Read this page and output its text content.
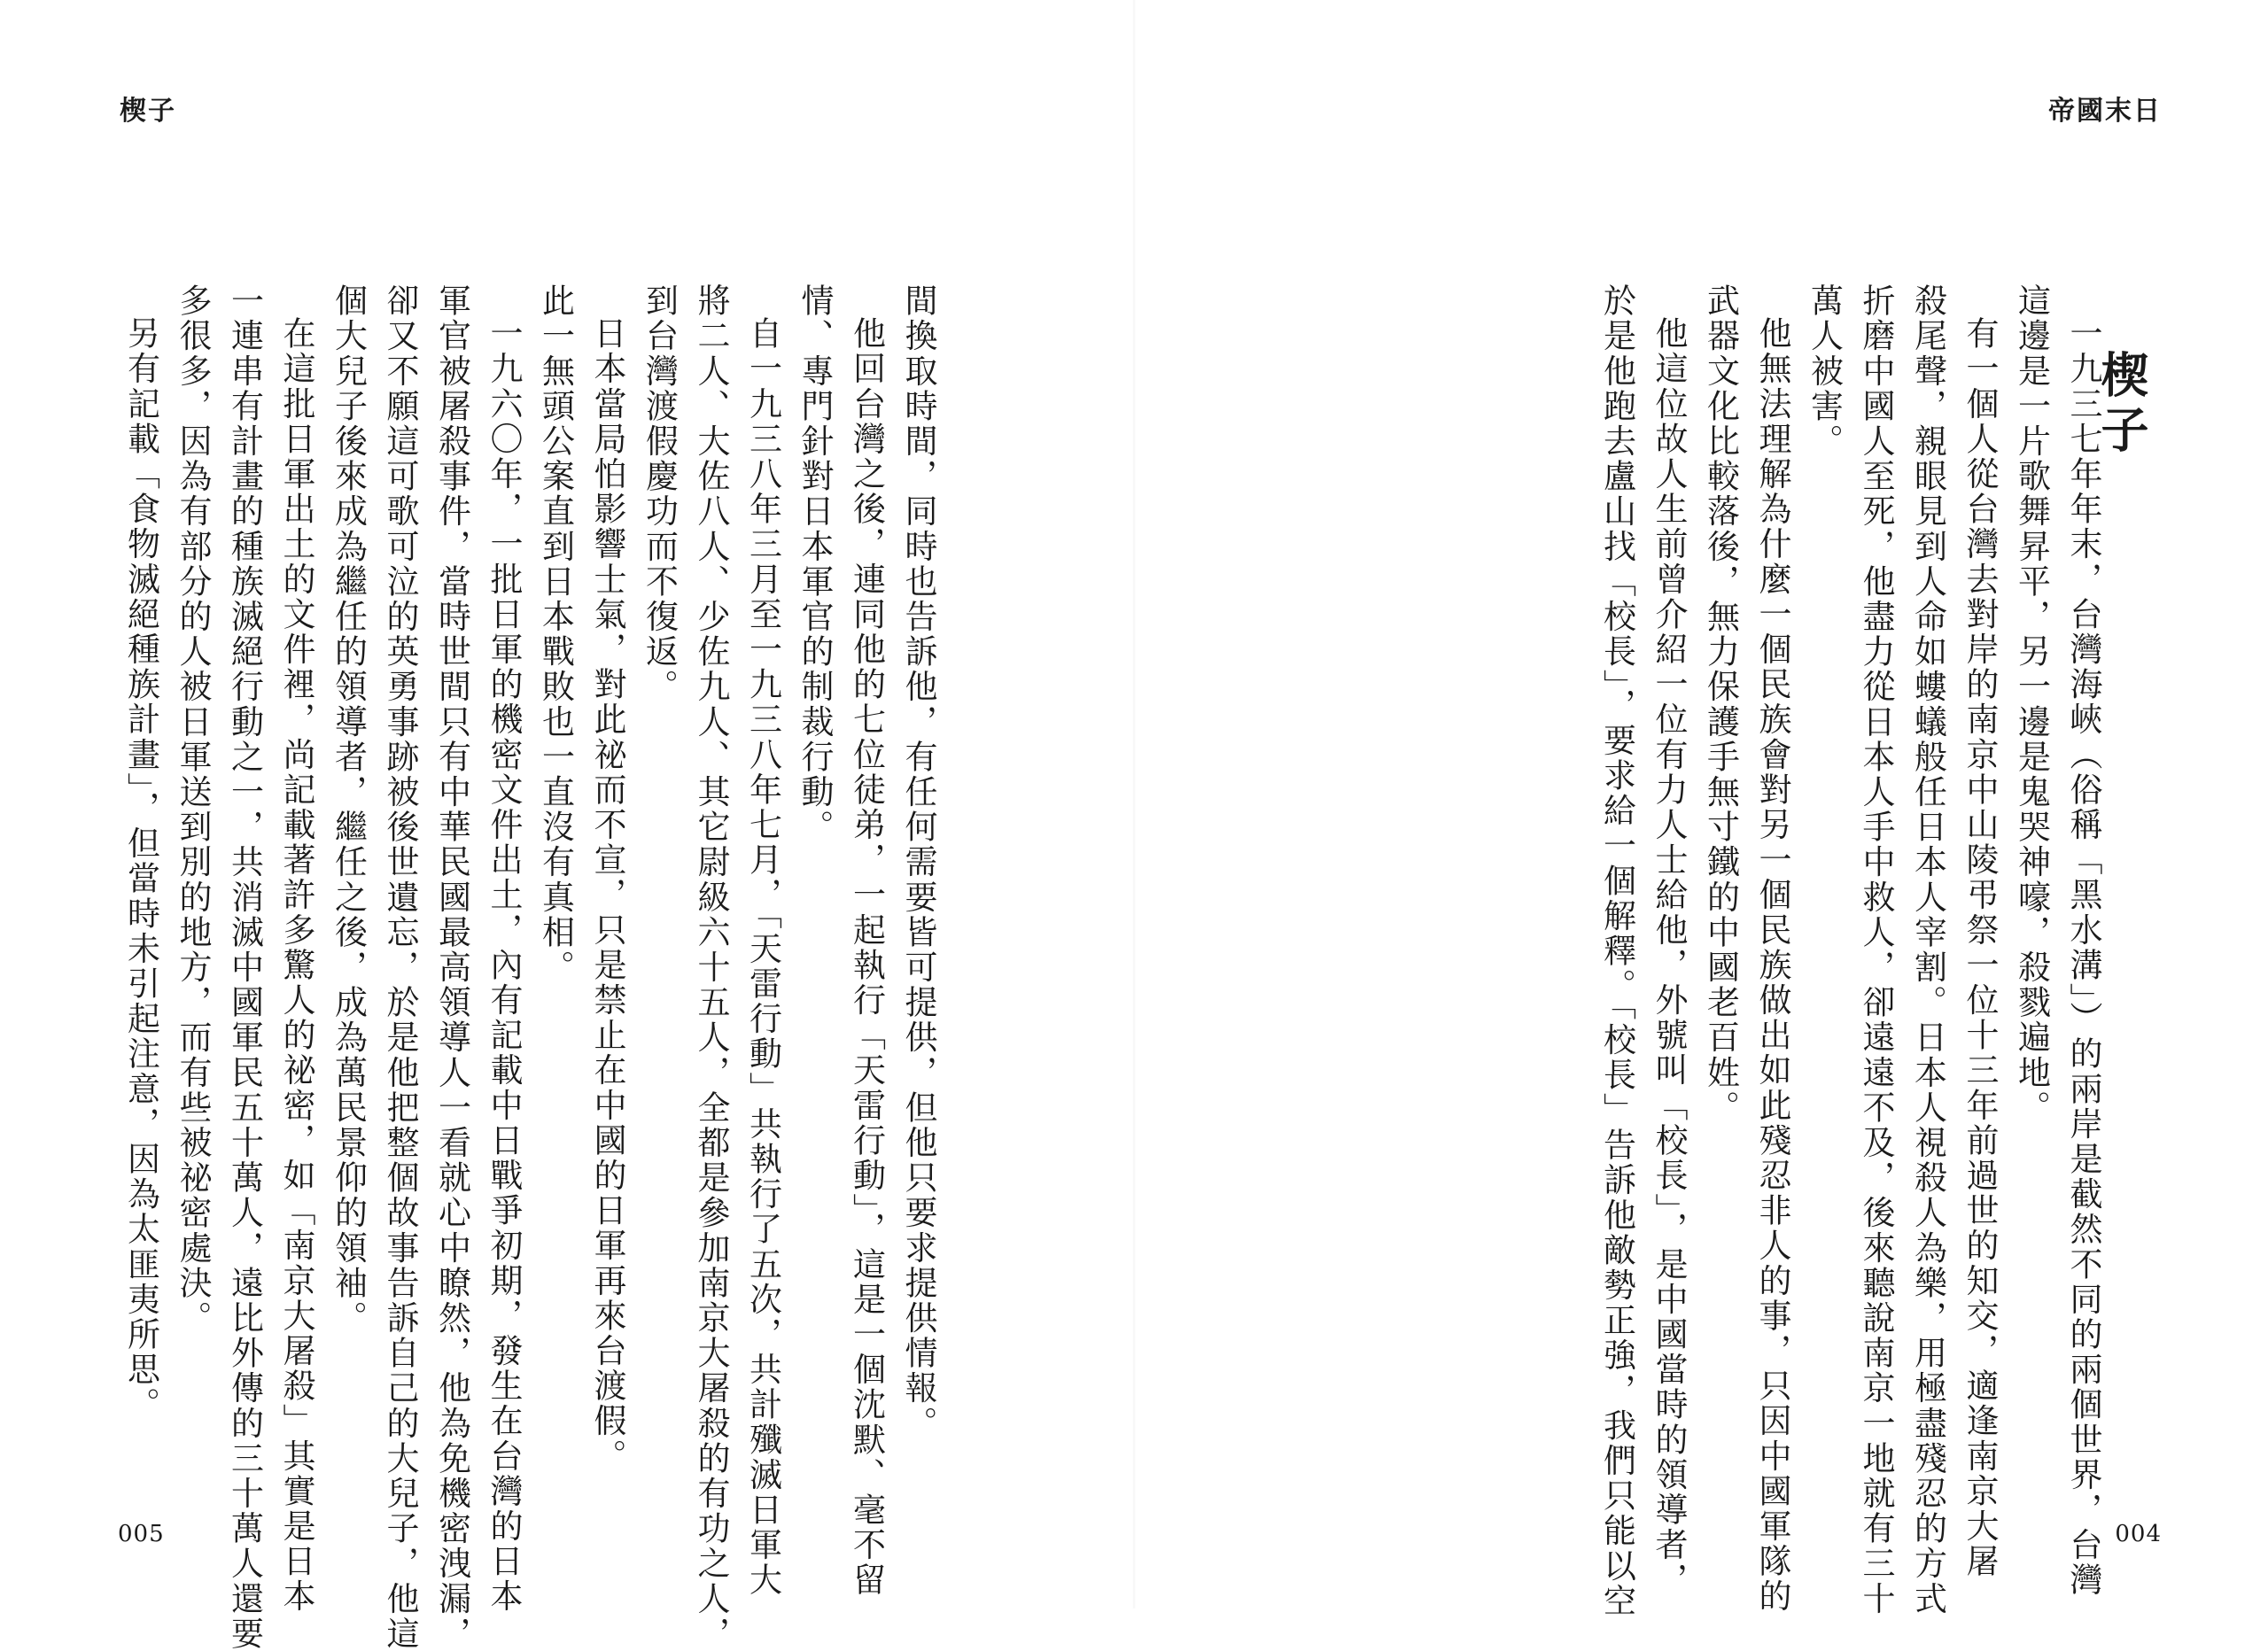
楔子
間換取時間，同時也告訴他，有任何需要皆可提供，但他只要求提供情報。
他回台灣之後，連同他的七位徒弟，一起執行「天雷行動」，這是一個沈默、毫不留
情、專門針對日本軍官的制裁行動。
自一九三八年三月至一九三八年七月，「天雷行動」共執行了五次，共計殲滅日軍大
將二人、大佐八人、少佐九人、其它尉級六十五人，全都是參加南京大屠殺的有功之人，
到台灣渡假慶功而不復返。
日本當局怕影響士氣，對此祕而不宣，只是禁止在中國的日軍再來台渡假。
此一無頭公案直到日本戰敗也一直沒有真相。
一九六〇年，一批日軍的機密文件出土，內有記載中日戰爭初期，發生在台灣的日本
軍官被屠殺事件，當時世間只有中華民國最高領導人一看就心中瞭然，他為免機密洩漏，
卻又不願這可歌可泣的英勇事跡被後世遺忘，於是他把整個故事告訴自己的大兒子，他這
個大兒子後來成為繼任的領導者，繼任之後，成為萬民景仰的領袖。
在這批日軍出土的文件裡，尚記載著許多驚人的祕密，如「南京大屠殺」其實是日本
一連串有計畫的種族滅絕行動之一，共消滅中國軍民五十萬人，遠比外傳的三十萬人還要
多很多，因為有部分的人被日軍送到別的地方，而有些被祕密處決。
另有記載「食物滅絕種族計畫」，但當時未引起注意，因為太匪夷所思。
005
帝國末日
楔子
一九三七年年末，台灣海峽（俗稱「黑水溝」）的兩岸是截然不同的兩個世界，台灣
這邊是一片歌舞昇平，另一邊是鬼哭神嚎，殺戮遍地。
有一個人從台灣去對岸的南京中山陵弔祭一位十三年前過世的知交，適逢南京大屠
殺尾聲，親眼見到人命如螻蟻般任日本人宰割。日本人視殺人為樂，用極盡殘忍的方式
折磨中國人至死，他盡力從日本人手中救人，卻遠遠不及，後來聽說南京一地就有三十
萬人被害。
他無法理解為什麼一個民族會對另一個民族做出如此殘忍非人的事，只因中國軍隊的
武器文化比較落後，無力保護手無寸鐵的中國老百姓。
他這位故人生前曾介紹一位有力人士給他，外號叫「校長」，是中國當時的領導者，
於是他跑去盧山找「校長」，要求給一個解釋。「校長」告訴他敵勢正強，我們只能以空	004
